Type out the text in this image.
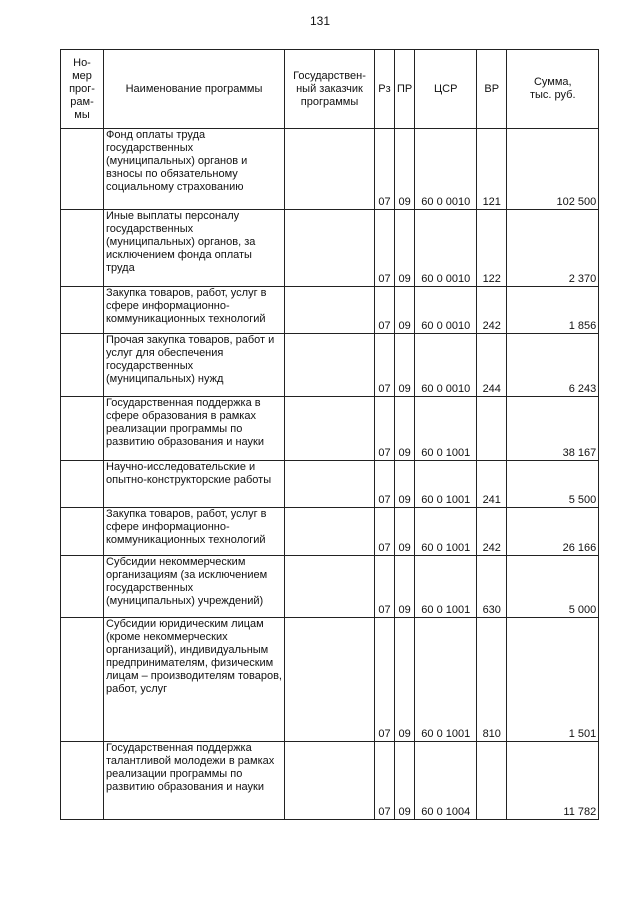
131
Но-
мер
прог-
рам-
мы	Наименование программы	Государствен-
ный заказчик
программы	Рз	ПР	ЦСР	ВР	Сумма,
тыс. руб.
	Фонд оплаты труда государственных (муниципальных) органов и взносы по обязательному социальному страхованию		07	09	60 0 0010	121	102 500
	Иные выплаты персоналу государственных (муниципальных) органов, за исключением фонда оплаты труда		07	09	60 0 0010	122	2 370
	Закупка товаров, работ, услуг в сфере информационно-коммуникационных технологий		07	09	60 0 0010	242	1 856
	Прочая закупка товаров, работ и услуг для обеспечения государственных (муниципальных) нужд		07	09	60 0 0010	244	6 243
	Государственная поддержка в сфере образования в рамках реализации программы по развитию образования и науки		07	09	60 0 1001		38 167
	Научно-исследовательские и опытно-конструкторские работы		07	09	60 0 1001	241	5 500
	Закупка товаров, работ, услуг в сфере информационно-коммуникационных технологий		07	09	60 0 1001	242	26 166
	Субсидии некоммерческим организациям (за исключением государственных (муниципальных) учреждений)		07	09	60 0 1001	630	5 000
	Субсидии юридическим лицам (кроме некоммерческих организаций), индивидуальным предпринимателям, физическим лицам – производителям товаров, работ, услуг		07	09	60 0 1001	810	1 501
	Государственная поддержка талантливой молодежи в рамках реализации программы по развитию образования и науки		07	09	60 0 1004		11 782
